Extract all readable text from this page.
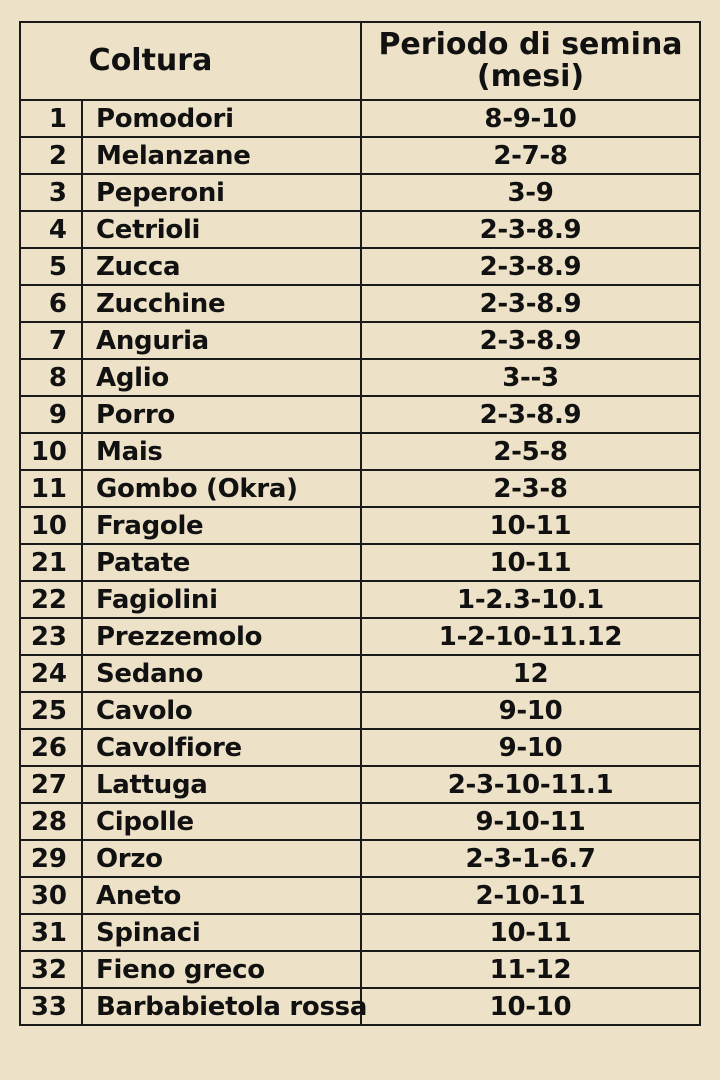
Coltura		Periodo di semina
(mesi)
1	Pomodori	8-9-10
2	Melanzane	2-7-8
3	Peperoni	3-9
4	Cetrioli	2-3-8.9
5	Zucca	2-3-8.9
6	Zucchine	2-3-8.9
7	Anguria	2-3-8.9
8	Aglio	3--3
9	Porro	2-3-8.9
10	Mais	2-5-8
11	Gombo (Okra)	2-3-8
10	Fragole	10-11
21	Patate	10-11
22	Fagiolini	1-2.3-10.1
23	Prezzemolo	1-2-10-11.12
24	Sedano	12
25	Cavolo	9-10
26	Cavolfiore	9-10
27	Lattuga	2-3-10-11.1
28	Cipolle	9-10-11
29	Orzo	2-3-1-6.7
30	Aneto	2-10-11
31	Spinaci	10-11
32	Fieno greco	11-12
33	Barbabietola rossa	10-10
